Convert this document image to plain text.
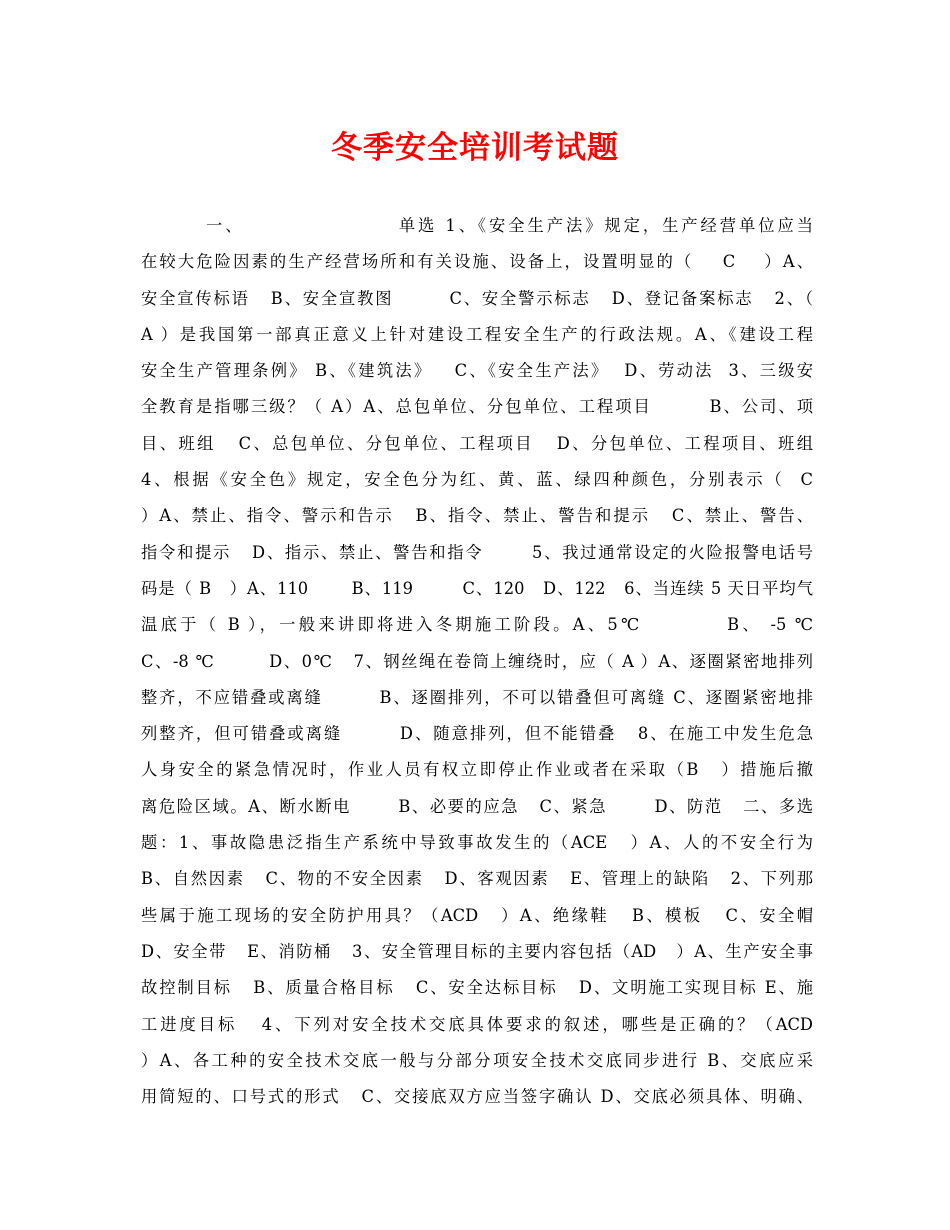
冬季安全培训考试题
一、                   单选 1、《安全生产法》规定，生产经营单位应当
在较大危险因素的生产经营场所和有关设施、设备上，设置明显的（    C    ）A、
安全宣传标语   B、安全宣教图        C、安全警示标志   D、登记备案标志   2、（
A ）是我国第一部真正意义上针对建设工程安全生产的行政法规。A、《建设工程
安全生产管理条例》 B、《建筑法》   C、《安全生产法》  D、劳动法  3、三级安
全教育是指哪三级？（ A）A、总包单位、分包单位、工程项目        B、公司、项
目、班组   C、总包单位、分包单位、工程项目   D、分包单位、工程项目、班组
4、根据《安全色》规定，安全色分为红、黄、蓝、绿四种颜色，分别表示（  C
）A、禁止、指令、警示和告示   B、指令、禁止、警告和提示   C、禁止、警告、
指令和提示   D、指示、禁止、警告和指令       5、我过通常设定的火险报警电话号
码是（ B   ）A、110       B、119        C、120   D、122   6、当连续 5 天日平均气
温底于（ B ），一般来讲即将进入冬期施工阶段。A、5℃          B、 -5 ℃
C、-8 ℃        D、0℃   7、钢丝绳在卷筒上缠绕时，应（ A ）A、逐圈紧密地排列
整齐，不应错叠或离缝        B、逐圈排列，不可以错叠但可离缝 C、逐圈紧密地排
列整齐，但可错叠或离缝        D、随意排列，但不能错叠   8、在施工中发生危急
人身安全的紧急情况时，作业人员有权立即停止作业或者在采取（B   ）措施后撤
离危险区域。A、断水断电       B、必要的应急   C、紧急       D、防范   二、多选
题：1、事故隐患泛指生产系统中导致事故发生的（ACE   ）A、人的不安全行为
B、自然因素   C、物的不安全因素   D、客观因素   E、管理上的缺陷   2、下列那
些属于施工现场的安全防护用具？（ACD   ）A、绝缘鞋   B、模板   C、安全帽
D、安全带   E、消防桶   3、安全管理目标的主要内容包括（AD   ）A、生产安全事
故控制目标   B、质量合格目标   C、安全达标目标   D、文明施工实现目标 E、施
工进度目标   4、下列对安全技术交底具体要求的叙述，哪些是正确的？（ACD
）A、各工种的安全技术交底一般与分部分项安全技术交底同步进行 B、交底应采
用简短的、口号式的形式   C、交接底双方应当签字确认 D、交底必须具体、明确、
